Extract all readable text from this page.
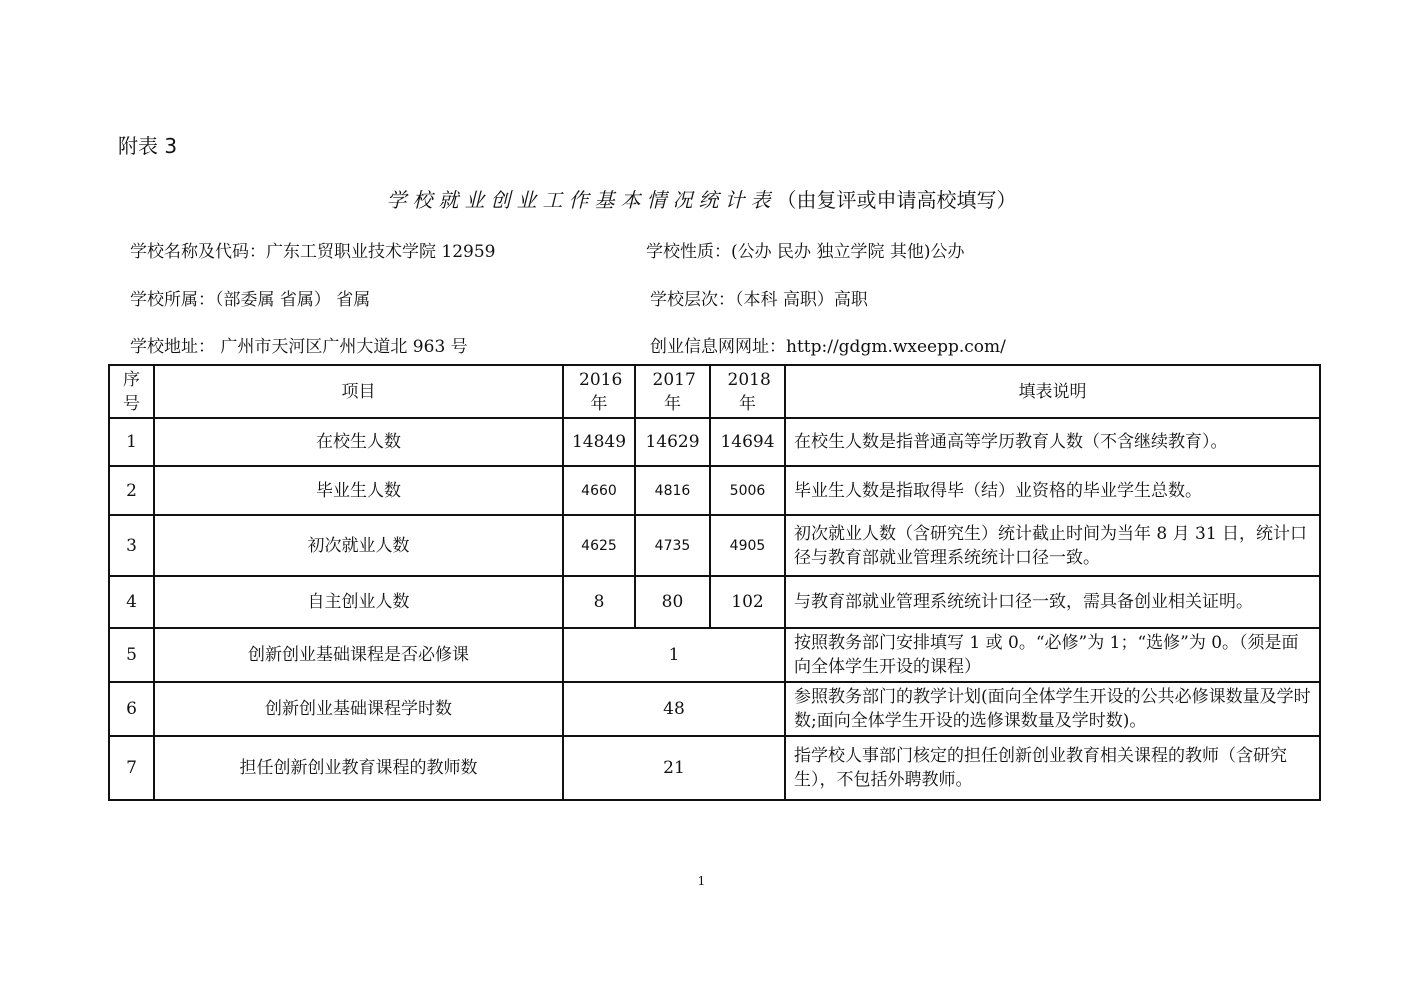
附表 3
学校就业创业工作基本情况统计表（由复评或申请高校填写）
学校名称及代码：广东工贸职业技术学院 12959	学校性质：(公办 民办 独立学院 其他)公办
学校所属：（部委属 省属） 省属	学校层次：（本科 高职）高职
学校地址： 广州市天河区广州大道北 963 号	创业信息网网址：http://gdgm.wxeepp.com/
序号	项目	2016年	2017年	2018年	填表说明
1	在校生人数	14849	14629	14694	在校生人数是指普通高等学历教育人数（不含继续教育）。
2	毕业生人数	4660	4816	5006	毕业生人数是指取得毕（结）业资格的毕业学生总数。
3	初次就业人数	4625	4735	4905	初次就业人数（含研究生）统计截止时间为当年 8 月 31 日，统计口径与教育部就业管理系统统计口径一致。
4	自主创业人数	8	80	102	与教育部就业管理系统统计口径一致，需具备创业相关证明。
5	创新创业基础课程是否必修课	1			按照教务部门安排填写 1 或 0。“必修”为 1；“选修”为 0。（须是面向全体学生开设的课程）
6	创新创业基础课程学时数	48			参照教务部门的教学计划(面向全体学生开设的公共必修课数量及学时数;面向全体学生开设的选修课数量及学时数)。
7	担任创新创业教育课程的教师数	21			指学校人事部门核定的担任创新创业教育相关课程的教师（含研究生），不包括外聘教师。
1
